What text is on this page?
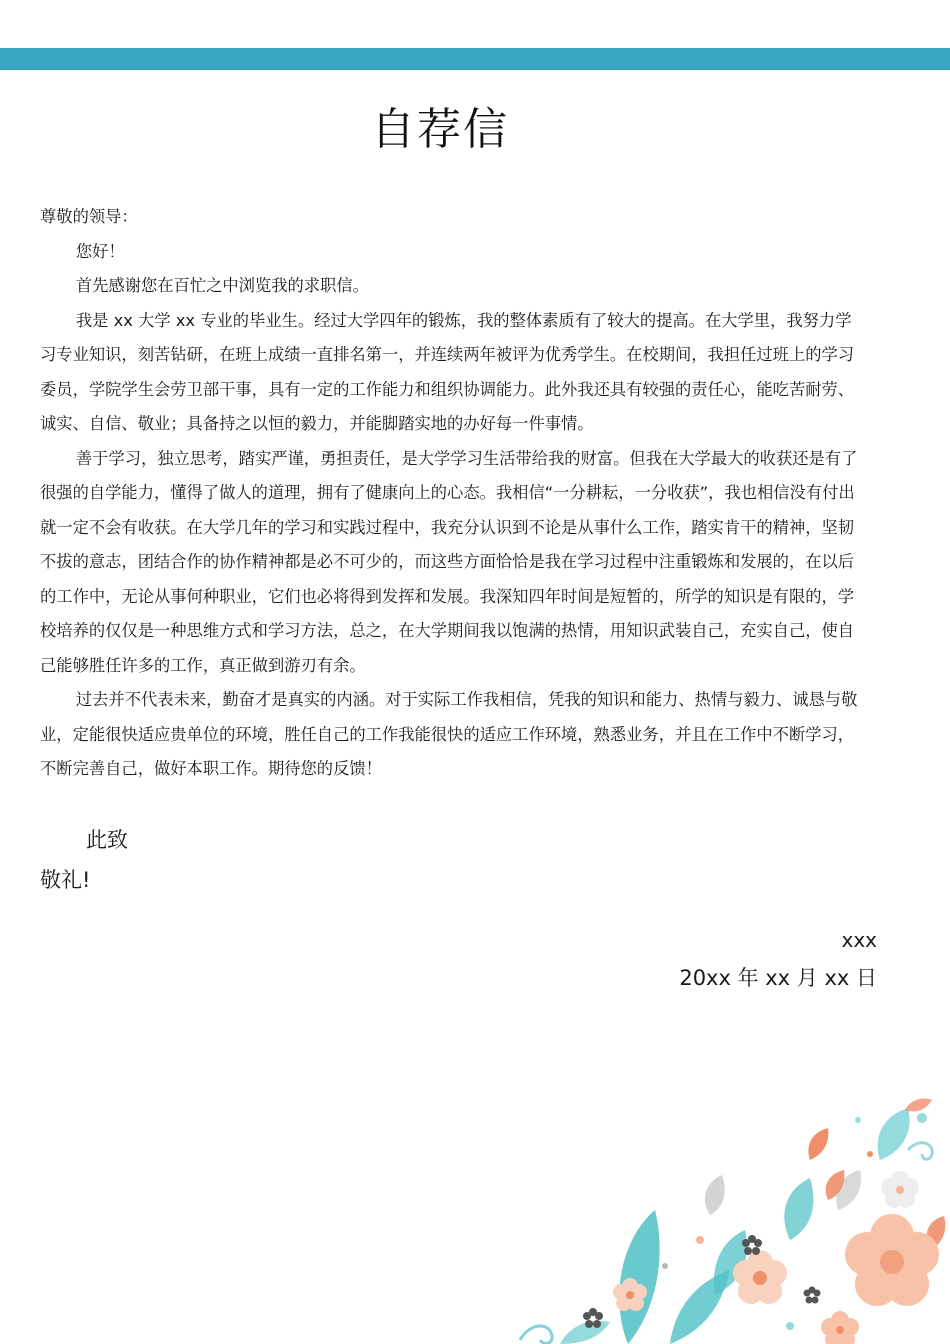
自荐信

尊敬的领导：

您好！

首先感谢您在百忙之中浏览我的求职信。

我是 xx 大学 xx 专业的毕业生。经过大学四年的锻炼，我的整体素质有了较大的提高。在大学里，我努力学习专业知识，刻苦钻研，在班上成绩一直排名第一，并连续两年被评为优秀学生。在校期间，我担任过班上的学习委员，学院学生会劳卫部干事，具有一定的工作能力和组织协调能力。此外我还具有较强的责任心，能吃苦耐劳、诚实、自信、敬业；具备持之以恒的毅力，并能脚踏实地的办好每一件事情。

善于学习，独立思考，踏实严谨，勇担责任，是大学学习生活带给我的财富。但我在大学最大的收获还是有了很强的自学能力，懂得了做人的道理，拥有了健康向上的心态。我相信“一分耕耘，一分收获”，我也相信没有付出就一定不会有收获。在大学几年的学习和实践过程中，我充分认识到不论是从事什么工作，踏实肯干的精神，坚韧不拔的意志，团结合作的协作精神都是必不可少的，而这些方面恰恰是我在学习过程中注重锻炼和发展的，在以后的工作中，无论从事何种职业，它们也必将得到发挥和发展。我深知四年时间是短暂的，所学的知识是有限的，学校培养的仅仅是一种思维方式和学习方法，总之，在大学期间我以饱满的热情，用知识武装自己，充实自己，使自己能够胜任许多的工作，真正做到游刃有余。

过去并不代表未来，勤奋才是真实的内涵。对于实际工作我相信，凭我的知识和能力、热情与毅力、诚恳与敬业，定能很快适应贵单位的环境，胜任自己的工作我能很快的适应工作环境，熟悉业务，并且在工作中不断学习，不断完善自己，做好本职工作。期待您的反馈！

此致
敬礼!
xxx
20xx 年 xx 月 xx 日
